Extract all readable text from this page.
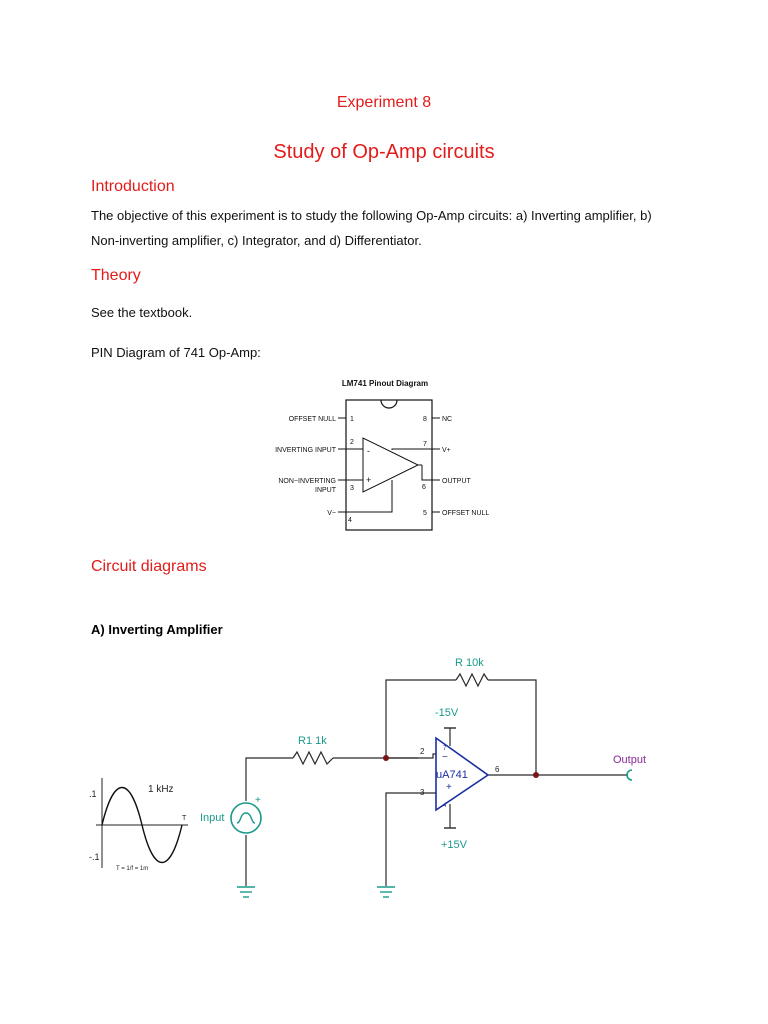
Experiment 8
Study of Op-Amp circuits
Introduction
The objective of this experiment is to study the following Op-Amp circuits: a) Inverting amplifier, b)
Non-inverting amplifier, c) Integrator, and d) Differentiator.
Theory
See the textbook.
PIN Diagram of 741 Op-Amp:
LM741 Pinout Diagram
-
+
1
2
3
4
8
7
6
5
OFFSET NULL
INVERTING INPUT
NON−INVERTING
INPUT
V−
NC
V+
OUTPUT
OFFSET NULL
Circuit diagrams
A) Inverting Amplifier
.1
-.1
1 kHz
T
T = 1/f = 1m
−
+
uA741
2
3
6
7
4
R 10k
R1 1k
-15V
+15V
Output
Input
+
